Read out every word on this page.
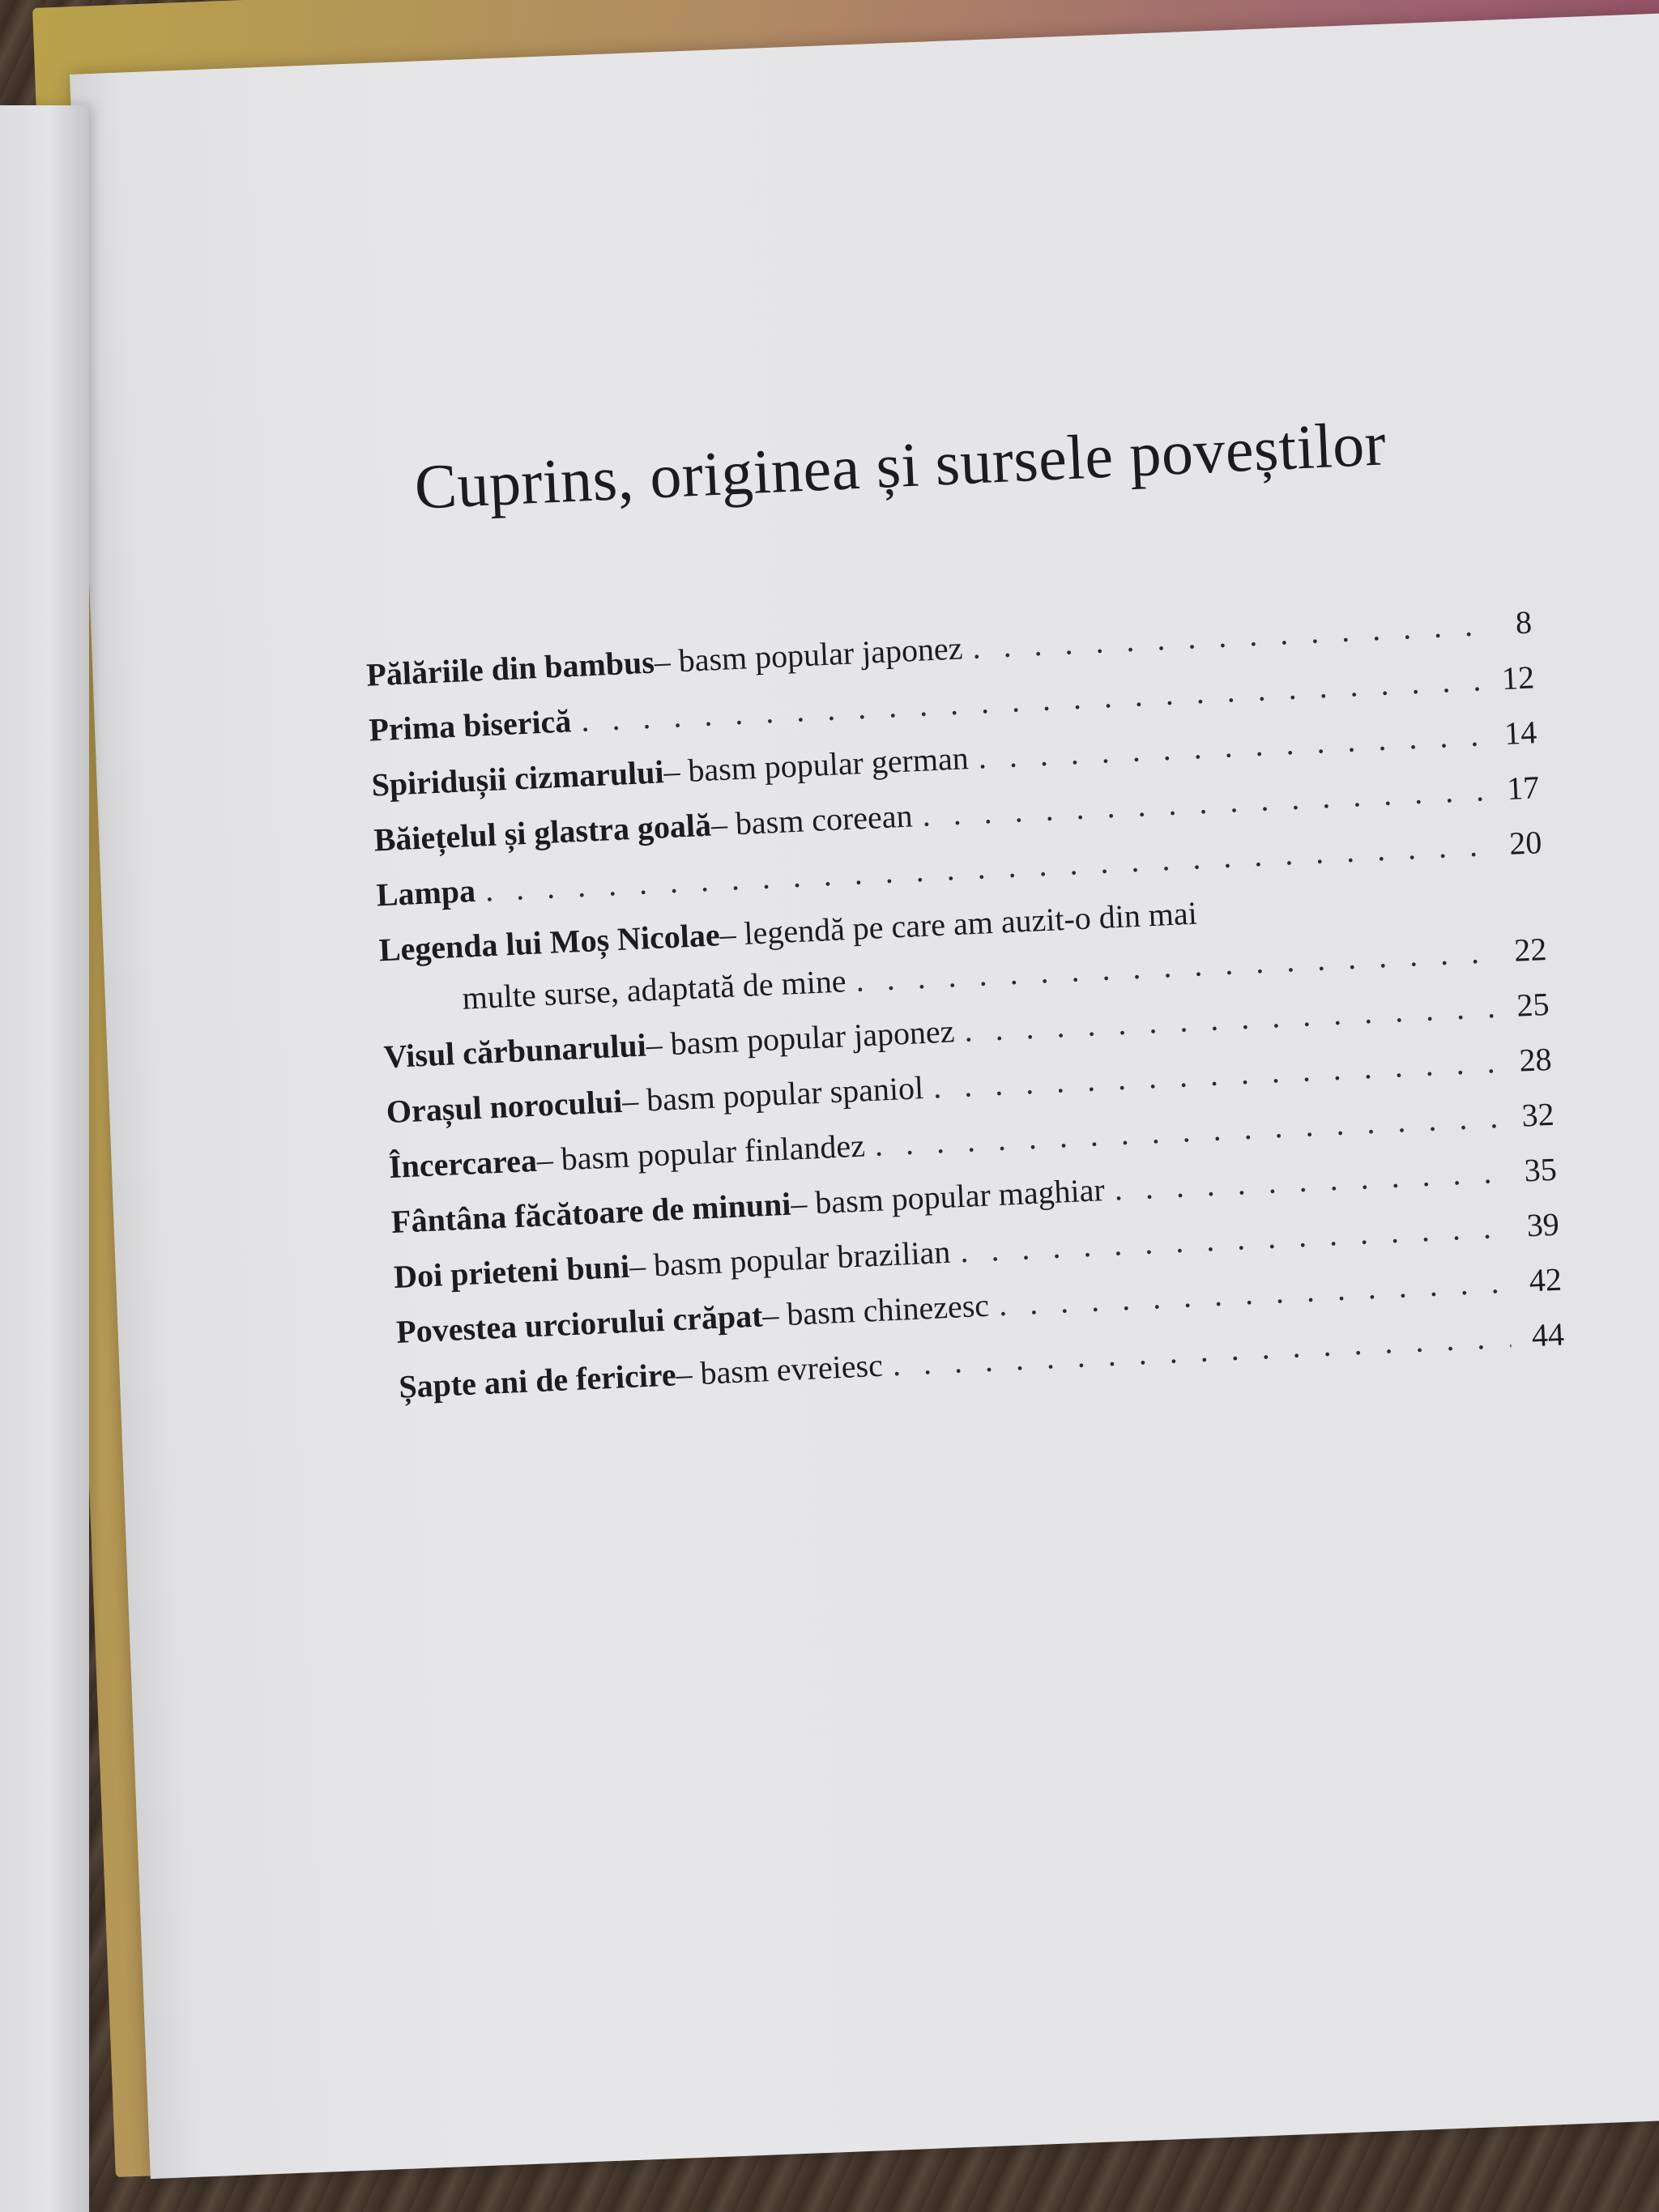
Cuprins, originea și sursele poveștilor
Pălăriile din bambus
– basm popular japonez
. . .
8
Prima biserică
. . .
12
Spiridușii cizmarului
– basm popular german
. . .
14
Băiețelul și glastra goală
– basm coreean
. . .
17
Lampa
. . .
20
Legenda lui Moș Nicolae
– legendă pe care am auzit-o din mai
multe surse, adaptată de mine
. . .
22
Visul cărbunarului
– basm popular japonez
. . .
25
Orașul norocului
– basm popular spaniol
. . .
28
Încercarea
– basm popular finlandez
. . .
32
Fântâna făcătoare de minuni
– basm popular maghiar
. . .
35
Doi prieteni buni
– basm popular brazilian
. . .
39
Povestea urciorului crăpat
– basm chinezesc
. . .
42
Șapte ani de fericire
– basm evreiesc
. . .
44
